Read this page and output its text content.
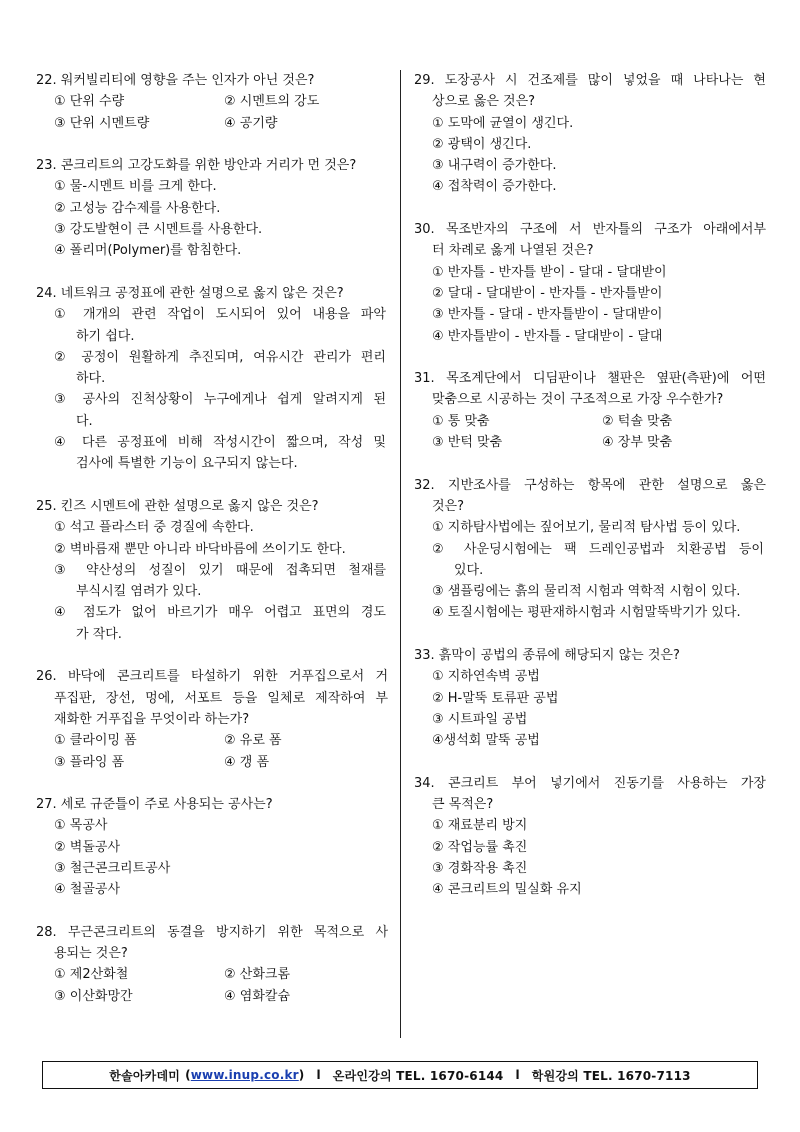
22. 워커빌리티에 영향을 주는 인자가 아닌 것은?
① 단위 수량	② 시멘트의 강도
③ 단위 시멘트량	④ 공기량
23. 콘크리트의 고강도화를 위한 방안과 거리가 먼 것은?
① 물-시멘트 비를 크게 한다.
② 고성능 감수제를 사용한다.
③ 강도발현이 큰 시멘트를 사용한다.
④ 폴리머(Polymer)를 함침한다.
24. 네트워크 공정표에 관한 설명으로 옳지 않은 것은?
① 개개의 관련 작업이 도시되어 있어 내용을 파악
하기 쉽다.
② 공정이 원활하게 추진되며, 여유시간 관리가 편리
하다.
③ 공사의 진척상황이 누구에게나 쉽게 알려지게 된
다.
④ 다른 공정표에 비해 작성시간이 짧으며, 작성 및
검사에 특별한 기능이 요구되지 않는다.
25. 킨즈 시멘트에 관한 설명으로 옳지 않은 것은?
① 석고 플라스터 중 경질에 속한다.
② 벽바름재 뿐만 아니라 바닥바름에 쓰이기도 한다.
③ 약산성의 성질이 있기 때문에 접촉되면 철재를
부식시킬 염려가 있다.
④ 점도가 없어 바르기가 매우 어렵고 표면의 경도
가 작다.
26. 바닥에 콘크리트를 타설하기 위한 거푸집으로서 거
푸집판, 장선, 멍에, 서포트 등을 일체로 제작하여 부
재화한 거푸집을 무엇이라 하는가?
① 클라이밍 폼	② 유로 폼
③ 플라잉 폼	④ 갱 폼
27. 세로 규준틀이 주로 사용되는 공사는?
① 목공사
② 벽돌공사
③ 철근콘크리트공사
④ 철골공사
28. 무근콘크리트의 동결을 방지하기 위한 목적으로 사
용되는 것은?
① 제2산화철	② 산화크롬
③ 이산화망간	④ 염화칼슘
29. 도장공사 시 건조제를 많이 넣었을 때 나타나는 현
상으로 옳은 것은?
① 도막에 균열이 생긴다.
② 광택이 생긴다.
③ 내구력이 증가한다.
④ 접착력이 증가한다.
30. 목조반자의 구조에 서 반자틀의 구조가 아래에서부
터 차례로 옳게 나열된 것은?
① 반자틀 - 반자틀 받이 - 달대 - 달대받이
② 달대 - 달대받이 - 반자틀 - 반자틀받이
③ 반자틀 - 달대 - 반자틀받이 - 달대받이
④ 반자틀받이 - 반자틀 - 달대받이 - 달대
31. 목조계단에서 디딤판이나 챌판은 옆판(측판)에 어떤
맞춤으로 시공하는 것이 구조적으로 가장 우수한가?
① 통 맞춤	② 턱솔 맞춤
③ 반턱 맞춤	④ 장부 맞춤
32. 지반조사를 구성하는 항목에 관한 설명으로 옳은
것은?
① 지하탐사법에는 짚어보기, 물리적 탐사법 등이 있다.
② 사운딩시험에는 팩 드레인공법과 치환공법 등이
있다.
③ 샘플링에는 흙의 물리적 시험과 역학적 시험이 있다.
④ 토질시험에는 평판재하시험과 시험말뚝박기가 있다.
33. 흙막이 공법의 종류에 해당되지 않는 것은?
① 지하연속벽 공법
② H-말뚝 토류판 공법
③ 시트파일 공법
④생석회 말뚝 공법
34. 콘크리트 부어 넣기에서 진동기를 사용하는 가장
큰 목적은?
① 재료분리 방지
② 작업능률 촉진
③ 경화작용 촉진
④ 콘크리트의 밀실화 유지
한솔아카데미 (www.inup.co.kr) l 온라인강의 TEL. 1670-6144 l 학원강의 TEL. 1670-7113
